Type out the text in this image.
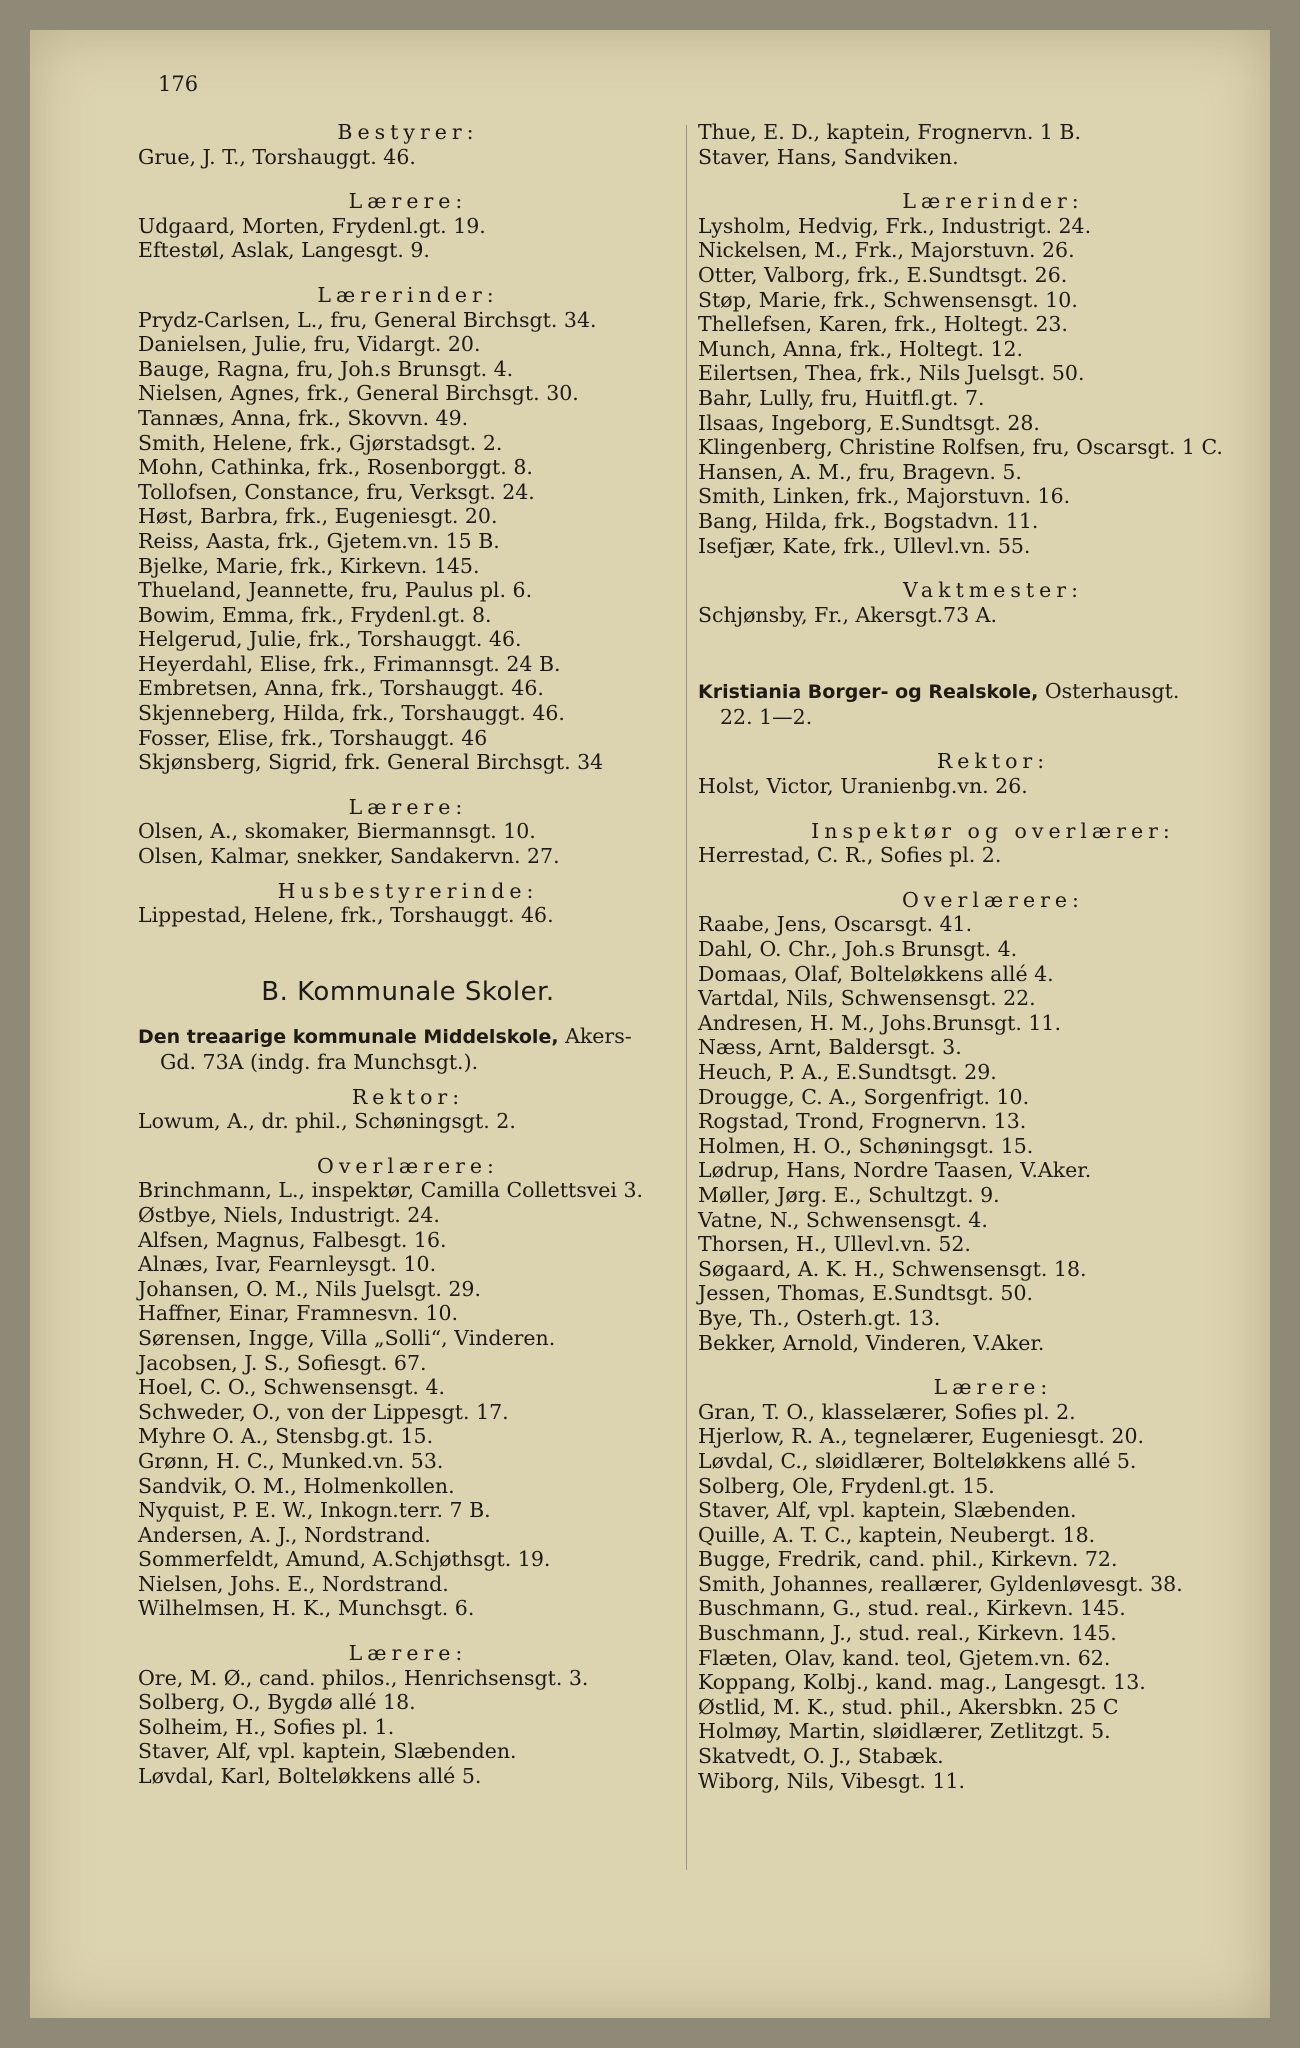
176

Bestyrer:

Grue, J. T., Torshauggt. 46.

Lærere:

Udgaard, Morten, Frydenl.gt. 19.

Eftestøl, Aslak, Langesgt. 9.

Lærerinder:

Prydz-Carlsen, L., fru, General Birchsgt. 34.

Danielsen, Julie, fru, Vidargt. 20.

Bauge, Ragna, fru, Joh.s Brunsgt. 4.

Nielsen, Agnes, frk., General Birchsgt. 30.

Tannæs, Anna, frk., Skovvn. 49.

Smith, Helene, frk., Gjørstadsgt. 2.

Mohn, Cathinka, frk., Rosenborggt. 8.

Tollofsen, Constance, fru, Verksgt. 24.

Høst, Barbra, frk., Eugeniesgt. 20.

Reiss, Aasta, frk., Gjetem.vn. 15 B.

Bjelke, Marie, frk., Kirkevn. 145.

Thueland, Jeannette, fru, Paulus pl. 6.

Bowim, Emma, frk., Frydenl.gt. 8.

Helgerud, Julie, frk., Torshauggt. 46.

Heyerdahl, Elise, frk., Frimannsgt. 24 B.

Embretsen, Anna, frk., Torshauggt. 46.

Skjenneberg, Hilda, frk., Torshauggt. 46.

Fosser, Elise, frk., Torshauggt. 46

Skjønsberg, Sigrid, frk. General Birchsgt. 34

Lærere:

Olsen, A., skomaker, Biermannsgt. 10.

Olsen, Kalmar, snekker, Sandakervn. 27.

Husbestyrerinde:

Lippestad, Helene, frk., Torshauggt. 46.

B. Kommunale Skoler.

Den treaarige kommunale Middelskole, Akers-

Gd. 73A (indg. fra Munchsgt.).

Rektor:

Lowum, A., dr. phil., Schøningsgt. 2.

Overlærere:

Brinchmann, L., inspektør, Camilla Collettsvei 3.

Østbye, Niels, Industrigt. 24.

Alfsen, Magnus, Falbesgt. 16.

Alnæs, Ivar, Fearnleysgt. 10.

Johansen, O. M., Nils Juelsgt. 29.

Haffner, Einar, Framnesvn. 10.

Sørensen, Ingge, Villa „Solli“, Vinderen.

Jacobsen, J. S., Sofiesgt. 67.

Hoel, C. O., Schwensensgt. 4.

Schweder, O., von der Lippesgt. 17.

Myhre O. A., Stensbg.gt. 15.

Grønn, H. C., Munked.vn. 53.

Sandvik, O. M., Holmenkollen.

Nyquist, P. E. W., Inkogn.terr. 7 B.

Andersen, A. J., Nordstrand.

Sommerfeldt, Amund, A.Schjøthsgt. 19.

Nielsen, Johs. E., Nordstrand.

Wilhelmsen, H. K., Munchsgt. 6.

Lærere:

Ore, M. Ø., cand. philos., Henrichsensgt. 3.

Solberg, O., Bygdø allé 18.

Solheim, H., Sofies pl. 1.

Staver, Alf, vpl. kaptein, Slæbenden.

Løvdal, Karl, Bolteløkkens allé 5.

Thue, E. D., kaptein, Frognervn. 1 B.

Staver, Hans, Sandviken.

Lærerinder:

Lysholm, Hedvig, Frk., Industrigt. 24.

Nickelsen, M., Frk., Majorstuvn. 26.

Otter, Valborg, frk., E.Sundtsgt. 26.

Støp, Marie, frk., Schwensensgt. 10.

Thellefsen, Karen, frk., Holtegt. 23.

Munch, Anna, frk., Holtegt. 12.

Eilertsen, Thea, frk., Nils Juelsgt. 50.

Bahr, Lully, fru, Huitfl.gt. 7.

Ilsaas, Ingeborg, E.Sundtsgt. 28.

Klingenberg, Christine Rolfsen, fru, Oscarsgt. 1 C.

Hansen, A. M., fru, Bragevn. 5.

Smith, Linken, frk., Majorstuvn. 16.

Bang, Hilda, frk., Bogstadvn. 11.

Isefjær, Kate, frk., Ullevl.vn. 55.

Vaktmester:

Schjønsby, Fr., Akersgt.73 A.

Kristiania Borger- og Realskole, Osterhausgt.

22. 1—2.

Rektor:

Holst, Victor, Uranienbg.vn. 26.

Inspektør og overlærer:

Herrestad, C. R., Sofies pl. 2.

Overlærere:

Raabe, Jens, Oscarsgt. 41.

Dahl, O. Chr., Joh.s Brunsgt. 4.

Domaas, Olaf, Bolteløkkens allé 4.

Vartdal, Nils, Schwensensgt. 22.

Andresen, H. M., Johs.Brunsgt. 11.

Næss, Arnt, Baldersgt. 3.

Heuch, P. A., E.Sundtsgt. 29.

Drougge, C. A., Sorgenfrigt. 10.

Rogstad, Trond, Frognervn. 13.

Holmen, H. O., Schøningsgt. 15.

Lødrup, Hans, Nordre Taasen, V.Aker.

Møller, Jørg. E., Schultzgt. 9.

Vatne, N., Schwensensgt. 4.

Thorsen, H., Ullevl.vn. 52.

Søgaard, A. K. H., Schwensensgt. 18.

Jessen, Thomas, E.Sundtsgt. 50.

Bye, Th., Osterh.gt. 13.

Bekker, Arnold, Vinderen, V.Aker.

Lærere:

Gran, T. O., klasselærer, Sofies pl. 2.

Hjerlow, R. A., tegnelærer, Eugeniesgt. 20.

Løvdal, C., sløidlærer, Bolteløkkens allé 5.

Solberg, Ole, Frydenl.gt. 15.

Staver, Alf, vpl. kaptein, Slæbenden.

Quille, A. T. C., kaptein, Neubergt. 18.

Bugge, Fredrik, cand. phil., Kirkevn. 72.

Smith, Johannes, reallærer, Gyldenløvesgt. 38.

Buschmann, G., stud. real., Kirkevn. 145.

Buschmann, J., stud. real., Kirkevn. 145.

Flæten, Olav, kand. teol, Gjetem.vn. 62.

Koppang, Kolbj., kand. mag., Langesgt. 13.

Østlid, M. K., stud. phil., Akersbkn. 25 C

Holmøy, Martin, sløidlærer, Zetlitzgt. 5.

Skatvedt, O. J., Stabæk.

Wiborg, Nils, Vibesgt. 11.
